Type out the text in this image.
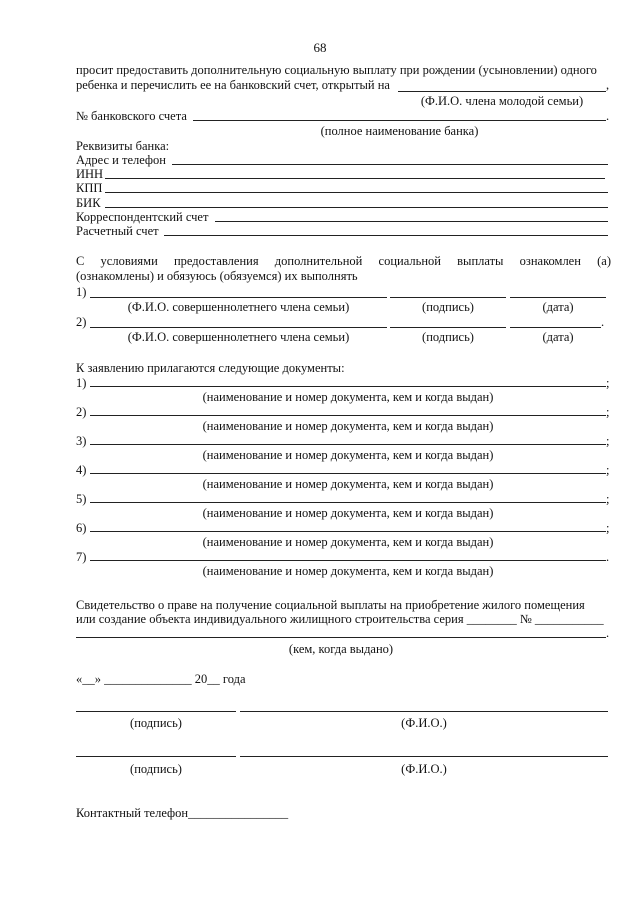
68
просит предоставить дополнительную социальную выплату при рождении (усыновлении) одного
ребенка и перечислить ее на банковский счет, открытый на	,
(Ф.И.О. члена молодой семьи)
№ банковского счета	.
(полное наименование банка)
Реквизиты банка:
Адрес и телефон
ИНН
КПП
БИК
Корреспондентский счет
Расчетный счет
С условиями предоставления дополнительной социальной выплаты ознакомлен (а)
(ознакомлены) и обязуюсь (обязуемся) их выполнять
1)
(Ф.И.О. совершеннолетнего члена семьи)	(подпись)	(дата)
2)	.
(Ф.И.О. совершеннолетнего члена семьи)	(подпись)	(дата)
К заявлению прилагаются следующие документы:
1)	;
(наименование и номер документа, кем и когда выдан)
2)	;
(наименование и номер документа, кем и когда выдан)
3)	;
(наименование и номер документа, кем и когда выдан)
4)	;
(наименование и номер документа, кем и когда выдан)
5)	;
(наименование и номер документа, кем и когда выдан)
6)	;
(наименование и номер документа, кем и когда выдан)
7)	.
(наименование и номер документа, кем и когда выдан)
Свидетельство о праве на получение социальной выплаты на приобретение жилого помещения
или создание объекта индивидуального жилищного строительства серия ________ № ___________
.
(кем, когда выдано)
«__» ______________ 20__ года
(подпись)	(Ф.И.О.)
(подпись)	(Ф.И.О.)
Контактный телефон________________
